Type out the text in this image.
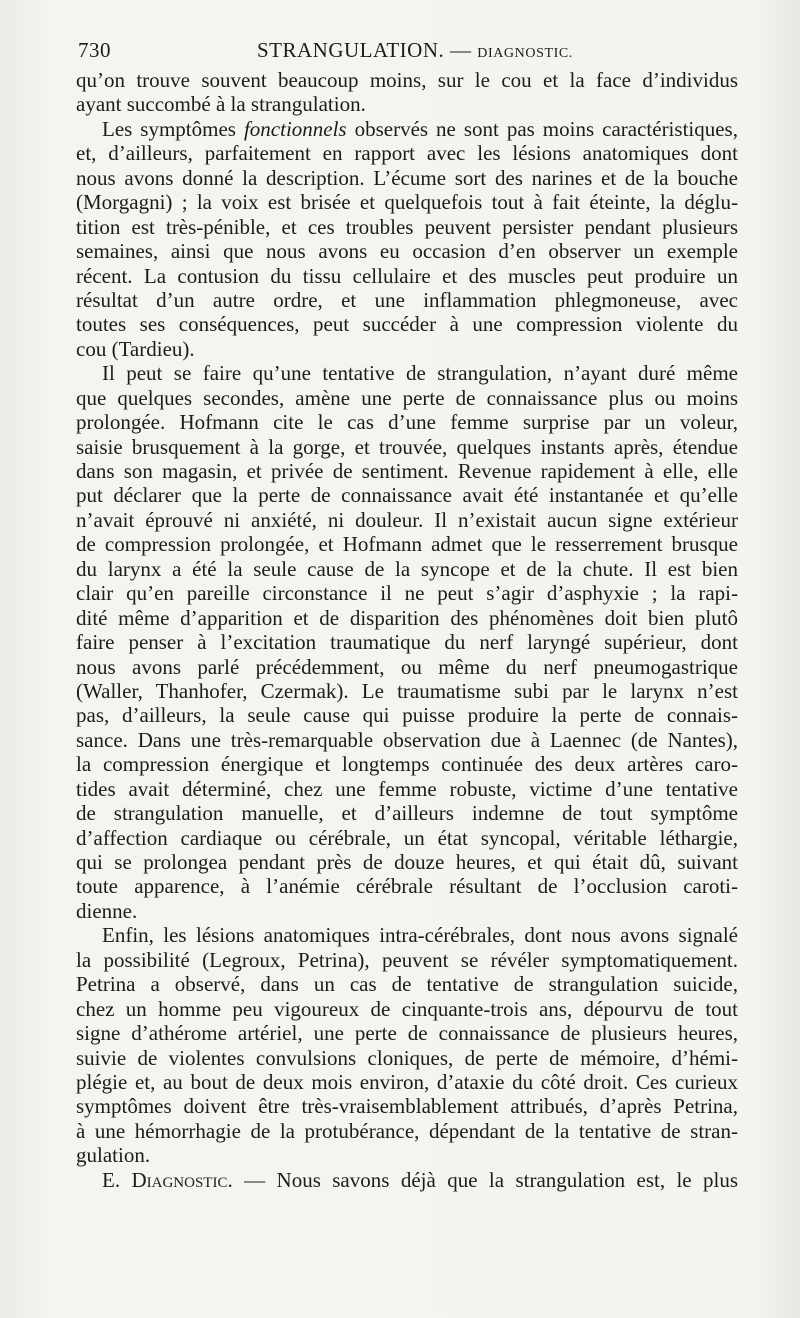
730	STRANGULATION. — DIAGNOSTIC.
qu’on trouve souvent beaucoup moins, sur le cou et la face d’individus
ayant succombé à la strangulation.
Les symptômes fonctionnels observés ne sont pas moins caractéristiques,
et, d’ailleurs, parfaitement en rapport avec les lésions anatomiques dont
nous avons donné la description. L’écume sort des narines et de la bouche
(Morgagni) ; la voix est brisée et quelquefois tout à fait éteinte, la déglu-
tition est très-pénible, et ces troubles peuvent persister pendant plusieurs
semaines, ainsi que nous avons eu occasion d’en observer un exemple
récent. La contusion du tissu cellulaire et des muscles peut produire un
résultat d’un autre ordre, et une inflammation phlegmoneuse, avec
toutes ses conséquences, peut succéder à une compression violente du
cou (Tardieu).
Il peut se faire qu’une tentative de strangulation, n’ayant duré même
que quelques secondes, amène une perte de connaissance plus ou moins
prolongée. Hofmann cite le cas d’une femme surprise par un voleur,
saisie brusquement à la gorge, et trouvée, quelques instants après, étendue
dans son magasin, et privée de sentiment. Revenue rapidement à elle, elle
put déclarer que la perte de connaissance avait été instantanée et qu’elle
n’avait éprouvé ni anxiété, ni douleur. Il n’existait aucun signe extérieur
de compression prolongée, et Hofmann admet que le resserrement brusque
du larynx a été la seule cause de la syncope et de la chute. Il est bien
clair qu’en pareille circonstance il ne peut s’agir d’asphyxie ; la rapi-
dité même d’apparition et de disparition des phénomènes doit bien plutô
faire penser à l’excitation traumatique du nerf laryngé supérieur, dont
nous avons parlé précédemment, ou même du nerf pneumogastrique
(Waller, Thanhofer, Czermak). Le traumatisme subi par le larynx n’est
pas, d’ailleurs, la seule cause qui puisse produire la perte de connais-
sance. Dans une très-remarquable observation due à Laennec (de Nantes),
la compression énergique et longtemps continuée des deux artères caro-
tides avait déterminé, chez une femme robuste, victime d’une tentative
de strangulation manuelle, et d’ailleurs indemne de tout symptôme
d’affection cardiaque ou cérébrale, un état syncopal, véritable léthargie,
qui se prolongea pendant près de douze heures, et qui était dû, suivant
toute apparence, à l’anémie cérébrale résultant de l’occlusion caroti-
dienne.
Enfin, les lésions anatomiques intra-cérébrales, dont nous avons signalé
la possibilité (Legroux, Petrina), peuvent se révéler symptomatiquement.
Petrina a observé, dans un cas de tentative de strangulation suicide,
chez un homme peu vigoureux de cinquante-trois ans, dépourvu de tout
signe d’athérome artériel, une perte de connaissance de plusieurs heures,
suivie de violentes convulsions cloniques, de perte de mémoire, d’hémi-
plégie et, au bout de deux mois environ, d’ataxie du côté droit. Ces curieux
symptômes doivent être très-vraisemblablement attribués, d’après Petrina,
à une hémorrhagie de la protubérance, dépendant de la tentative de stran-
gulation.
E. Diagnostic. — Nous savons déjà que la strangulation est, le plus
